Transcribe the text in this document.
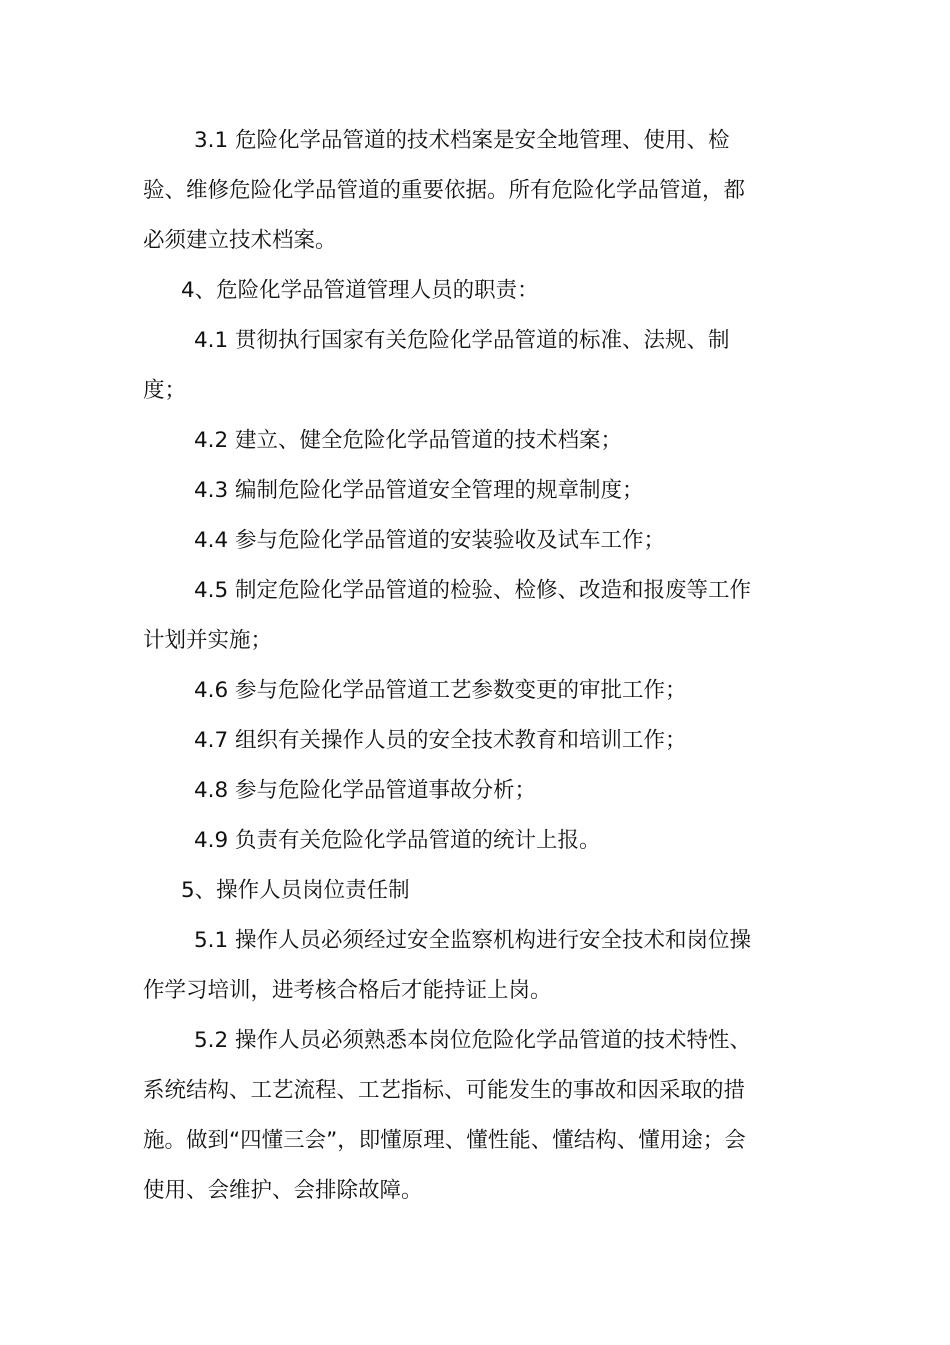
3.1 危险化学品管道的技术档案是安全地管理、使用、检验、维修危险化学品管道的重要依据。所有危险化学品管道，都必须建立技术档案。

4、危险化学品管道管理人员的职责：

4.1 贯彻执行国家有关危险化学品管道的标准、法规、制度；

4.2 建立、健全危险化学品管道的技术档案；

4.3 编制危险化学品管道安全管理的规章制度；

4.4 参与危险化学品管道的安装验收及试车工作；

4.5 制定危险化学品管道的检验、检修、改造和报废等工作计划并实施；

4.6 参与危险化学品管道工艺参数变更的审批工作；

4.7 组织有关操作人员的安全技术教育和培训工作；

4.8 参与危险化学品管道事故分析；

4.9 负责有关危险化学品管道的统计上报。

5、操作人员岗位责任制

5.1 操作人员必须经过安全监察机构进行安全技术和岗位操作学习培训，进考核合格后才能持证上岗。

5.2 操作人员必须熟悉本岗位危险化学品管道的技术特性、系统结构、工艺流程、工艺指标、可能发生的事故和因采取的措施。做到“四懂三会”，即懂原理、懂性能、懂结构、懂用途；会使用、会维护、会排除故障。
